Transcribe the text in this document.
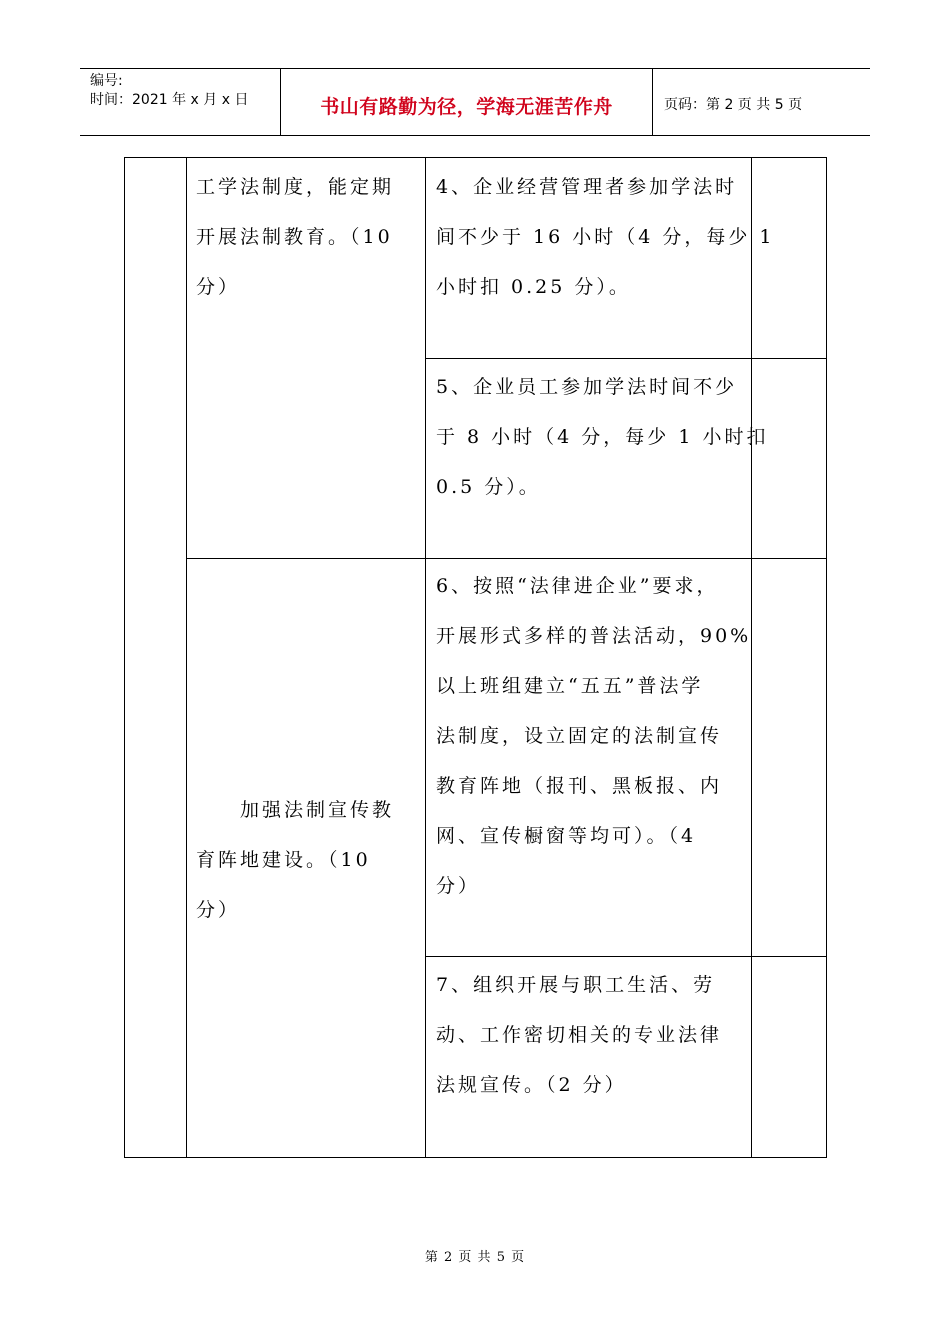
编号:
时间：2021 年 x 月 x 日	书山有路勤为径，学海无涯苦作舟	页码：第 2 页 共 5 页
工学法制度，能定期
开展法制教育。（10
分）
4、企业经营管理者参加学法时
间不少于 16 小时（4 分，每少 1
小时扣 0.25 分）。
5、企业员工参加学法时间不少
于 8 小时（4 分，每少 1 小时扣
0.5 分）。
　　加强法制宣传教
育阵地建设。（10
分）
6、按照“法律进企业”要求，
开展形式多样的普法活动，90%
以上班组建立“五五”普法学
法制度，设立固定的法制宣传
教育阵地（报刊、黑板报、内
网、宣传橱窗等均可）。（4
分）
7、组织开展与职工生活、劳
动、工作密切相关的专业法律
法规宣传。（2 分）
第 2 页 共 5 页
